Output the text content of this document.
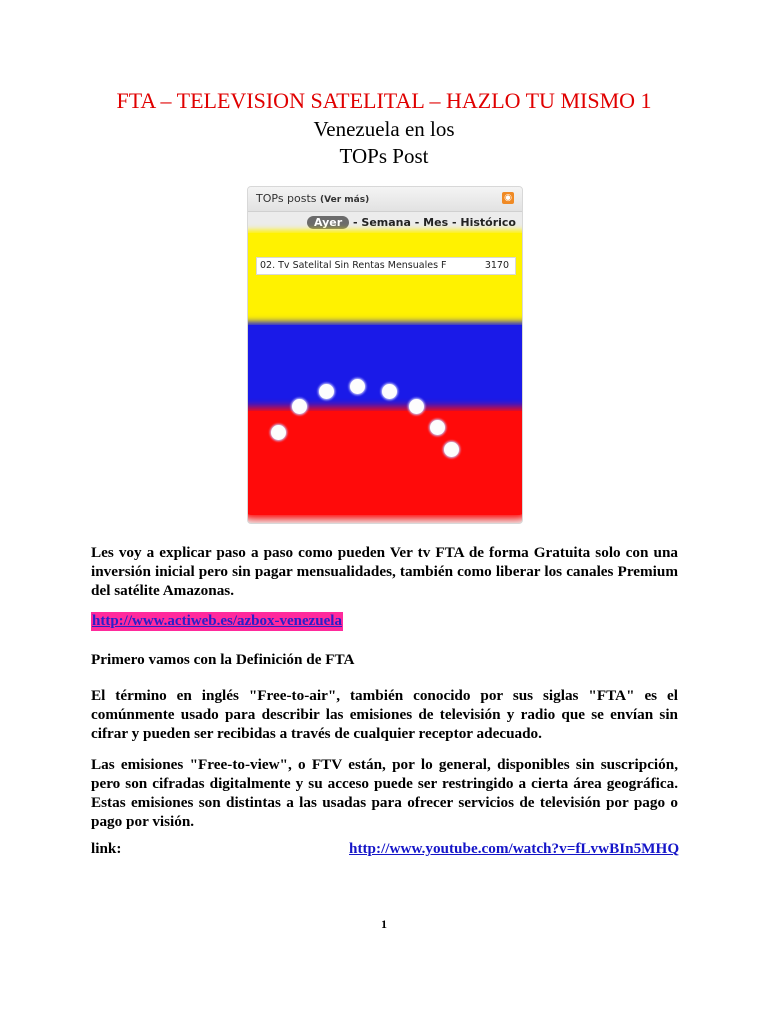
FTA – TELEVISION SATELITAL – HAZLO TU MISMO 1
Venezuela en los
TOPs Post
TOPs posts (Ver más)	◉
Ayer - Semana - Mes - Histórico
02. Tv Satelital Sin Rentas Mensuales F	3170

Les voy a explicar paso a paso como pueden Ver tv FTA de forma Gratuita solo con una inversión inicial pero sin pagar mensualidades, también como liberar los canales Premium del satélite Amazonas.

http://www.actiweb.es/azbox-venezuela

Primero vamos con la Definición de FTA

El término en inglés "Free-to-air", también conocido por sus siglas "FTA" es el comúnmente usado para describir las emisiones de televisión y radio que se envían sin cifrar y pueden ser recibidas a través de cualquier receptor adecuado.

Las emisiones "Free-to-view", o FTV están, por lo general, disponibles sin suscripción, pero son cifradas digitalmente y su acceso puede ser restringido a cierta área geográfica. Estas emisiones son distintas a las usadas para ofrecer servicios de televisión por pago o pago por visión.

link:	http://www.youtube.com/watch?v=fLvwBIn5MHQ
1
